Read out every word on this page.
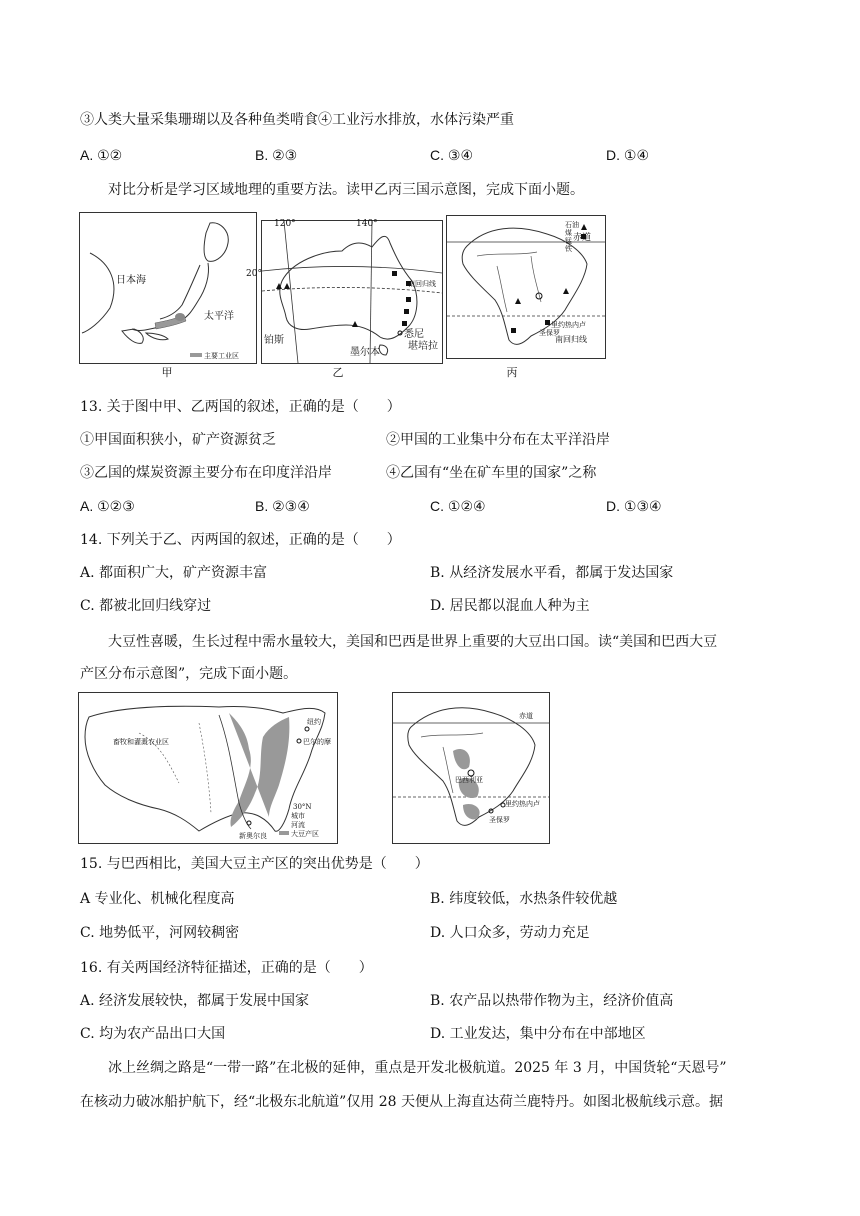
③人类大量采集珊瑚以及各种鱼类啃食④工业污水排放，水体污染严重
A. ①②	B. ②③	C. ③④	D. ①④
对比分析是学习区域地理的重要方法。读甲乙丙三国示意图，完成下面小题。
日本海
太平洋
主要工业区
甲
120°	140°
20°
南回归线
铂斯
悉尼
墨尔本
堪培拉
乙
赤道
石油
煤
锰
铁
里约热内卢
圣保罗
南回归线
丙
13. 关于图中甲、乙两国的叙述，正确的是（　　）
①甲国面积狭小，矿产资源贫乏	②甲国的工业集中分布在太平洋沿岸
③乙国的煤炭资源主要分布在印度洋沿岸	④乙国有“坐在矿车里的国家”之称
A. ①②③	B. ②③④	C. ①②④	D. ①③④
14. 下列关于乙、丙两国的叙述，正确的是（　　）
A. 都面积广大，矿产资源丰富	B. 从经济发展水平看，都属于发达国家
C. 都被北回归线穿过	D. 居民都以混血人种为主
大豆性喜暖，生长过程中需水量较大，美国和巴西是世界上重要的大豆出口国。读“美国和巴西大豆
产区分布示意图”，完成下面小题。
畜牧和灌溉农业区
纽约
巴尔的摩
新奥尔良
30°N
城市
河流
大豆产区
赤道
巴西利亚
里约热内卢
圣保罗
15. 与巴西相比，美国大豆主产区的突出优势是（　　）
A 专业化、机械化程度高	B. 纬度较低，水热条件较优越
C. 地势低平，河网较稠密	D. 人口众多，劳动力充足
16. 有关两国经济特征描述，正确的是（　　）
A. 经济发展较快，都属于发展中国家	B. 农产品以热带作物为主，经济价值高
C. 均为农产品出口大国	D. 工业发达，集中分布在中部地区
冰上丝绸之路是“一带一路”在北极的延伸，重点是开发北极航道。2025 年 3 月，中国货轮“天恩号”
在核动力破冰船护航下，经“北极东北航道”仅用 28 天便从上海直达荷兰鹿特丹。如图北极航线示意。据
